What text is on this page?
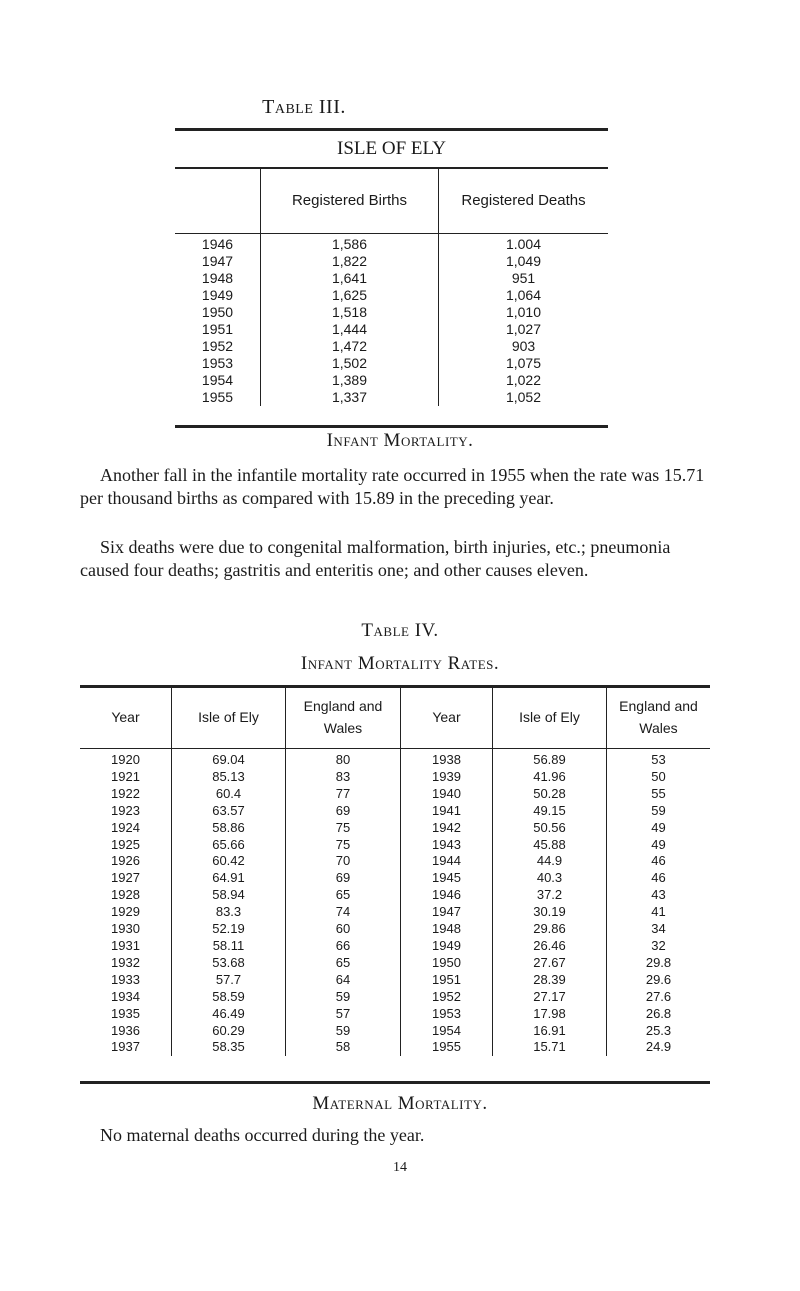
Table III.
ISLE OF ELY
	Registered Births	Registered Deaths
1946	1,586	1.004
1947	1,822	1,049
1948	1,641	951
1949	1,625	1,064
1950	1,518	1,010
1951	1,444	1,027
1952	1,472	903
1953	1,502	1,075
1954	1,389	1,022
1955	1,337	1,052
Infant Mortality.

Another fall in the infantile mortality rate occurred in 1955 when the rate was 15.71 per thousand births as compared with 15.89 in the preceding year.

Six deaths were due to congenital malformation, birth injuries, etc.; pneumonia caused four deaths; gastritis and enteritis one; and other causes eleven.

Table IV.
Infant Mortality Rates.
Year	Isle of Ely	England and Wales	Year	Isle of Ely	England and Wales
1920	69.04	80	1938	56.89	53
1921	85.13	83	1939	41.96	50
1922	60.4	77	1940	50.28	55
1923	63.57	69	1941	49.15	59
1924	58.86	75	1942	50.56	49
1925	65.66	75	1943	45.88	49
1926	60.42	70	1944	44.9	46
1927	64.91	69	1945	40.3	46
1928	58.94	65	1946	37.2	43
1929	83.3	74	1947	30.19	41
1930	52.19	60	1948	29.86	34
1931	58.11	66	1949	26.46	32
1932	53.68	65	1950	27.67	29.8
1933	57.7	64	1951	28.39	29.6
1934	58.59	59	1952	27.17	27.6
1935	46.49	57	1953	17.98	26.8
1936	60.29	59	1954	16.91	25.3
1937	58.35	58	1955	15.71	24.9
Maternal Mortality.

No maternal deaths occurred during the year.

14
